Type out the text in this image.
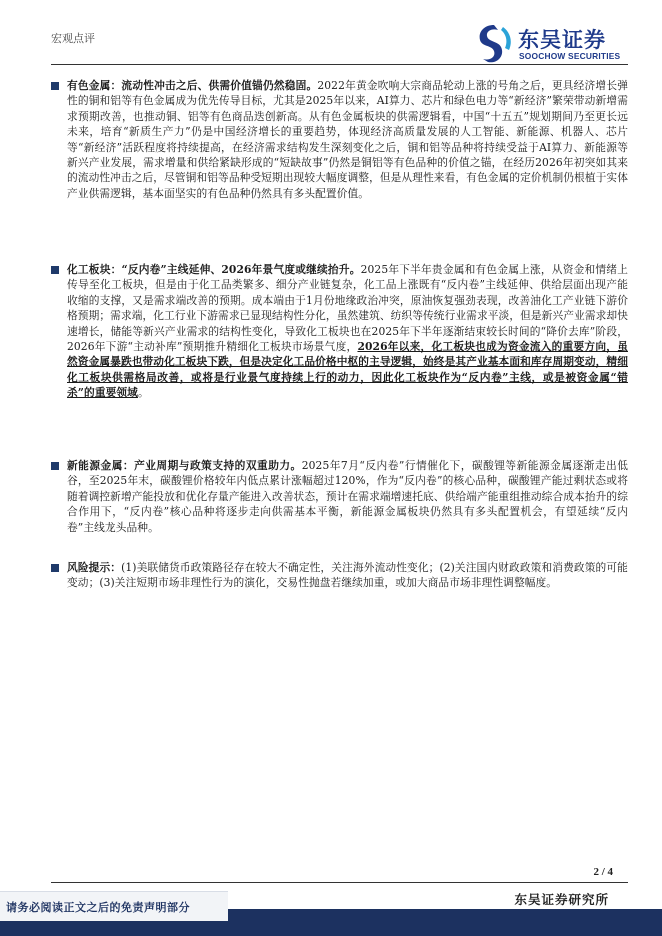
宏观点评	东吴证券
SOOCHOW SECURITIES

有色金属：流动性冲击之后、供需价值锚仍然稳固。2022年黄金吹响大宗商品轮动上涨的号角之后，更具经济增长弹性的铜和铝等有色金属成为优先传导目标，尤其是2025年以来，AI算力、芯片和绿色电力等“新经济”繁荣带动新增需求预期改善，也推动铜、铝等有色商品迭创新高。从有色金属板块的供需逻辑看，中国“十五五”规划期间乃至更长远未来，培育“新质生产力”仍是中国经济增长的重要趋势，体现经济高质量发展的人工智能、新能源、机器人、芯片等“新经济”活跃程度将持续提高，在经济需求结构发生深刻变化之后，铜和铝等品种将持续受益于AI算力、新能源等新兴产业发展，需求增量和供给紧缺形成的“短缺故事”仍然是铜铝等有色品种的价值之锚，在经历2026年初突如其来的流动性冲击之后，尽管铜和铝等品种受短期出现较大幅度调整，但是从理性来看，有色金属的定价机制仍根植于实体产业供需逻辑，基本面坚实的有色品种仍然具有多头配置价值。

化工板块：“反内卷”主线延伸、2026年景气度或继续抬升。2025年下半年贵金属和有色金属上涨，从资金和情绪上传导至化工板块，但是由于化工品类繁多、细分产业链复杂，化工品上涨既有“反内卷”主线延伸、供给层面出现产能收缩的支撑，又是需求端改善的预期。成本端由于1月份地缘政治冲突，原油恢复强劲表现，改善油化工产业链下游价格预期；需求端，化工行业下游需求已显现结构性分化，虽然建筑、纺织等传统行业需求平淡，但是新兴产业需求却快速增长，储能等新兴产业需求的结构性变化，导致化工板块也在2025年下半年逐渐结束较长时间的“降价去库”阶段，2026年下游“主动补库”预期推升精细化工板块市场景气度，2026年以来，化工板块也成为资金流入的重要方向，虽然资金属暴跌也带动化工板块下跌，但是决定化工品价格中枢的主导逻辑，始终是其产业基本面和库存周期变动，精细化工板块供需格局改善，或将是行业景气度持续上行的动力，因此化工板块作为“反内卷”主线，或是被资金属“错杀”的重要领域。

新能源金属：产业周期与政策支持的双重助力。2025年7月“反内卷”行情催化下，碳酸锂等新能源金属逐渐走出低谷，至2025年末，碳酸锂价格较年内低点累计涨幅超过120%，作为“反内卷”的核心品种，碳酸锂产能过剩状态或将随着调控新增产能投放和优化存量产能进入改善状态，预计在需求端增速托底、供给端产能重组推动综合成本抬升的综合作用下，“反内卷”核心品种将逐步走向供需基本平衡，新能源金属板块仍然具有多头配置机会，有望延续“反内卷”主线龙头品种。

风险提示：(1)美联储货币政策路径存在较大不确定性，关注海外流动性变化；(2)关注国内财政政策和消费政策的可能变动；(3)关注短期市场非理性行为的演化，交易性抛盘若继续加重，或加大商品市场非理性调整幅度。

2 / 4
东吴证券研究所
请务必阅读正文之后的免责声明部分
